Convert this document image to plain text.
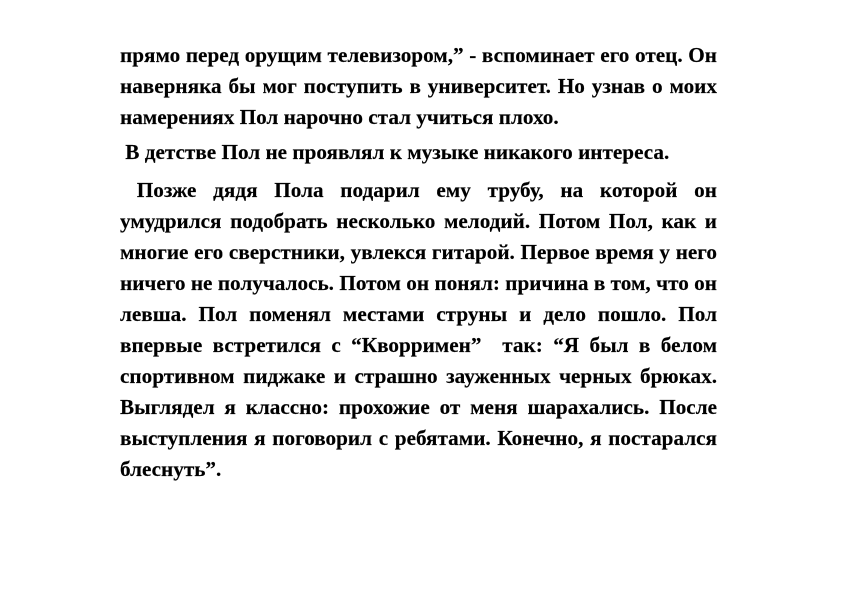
прямо перед орущим телевизором,” - вспоминает его отец. Он
наверняка бы мог поступить в университет. Но узнав о моих
намерениях Пол нарочно стал учиться плохо.
В детстве Пол не проявлял к музыке никакого интереса.
Позже дядя Пола подарил ему трубу, на которой он
умудрился подобрать несколько мелодий. Потом Пол, как и
многие его сверстники, увлекся гитарой. Первое время у него
ничего не получалось. Потом он понял: причина в том, что он
левша. Пол поменял местами струны и дело пошло. Пол
впервые встретился с “Кворримен”  так: “Я был в белом
спортивном пиджаке и страшно зауженных черных брюках.
Выглядел я классно: прохожие от меня шарахались. После
выступления я поговорил с ребятами. Конечно, я постарался
блеснуть”.
